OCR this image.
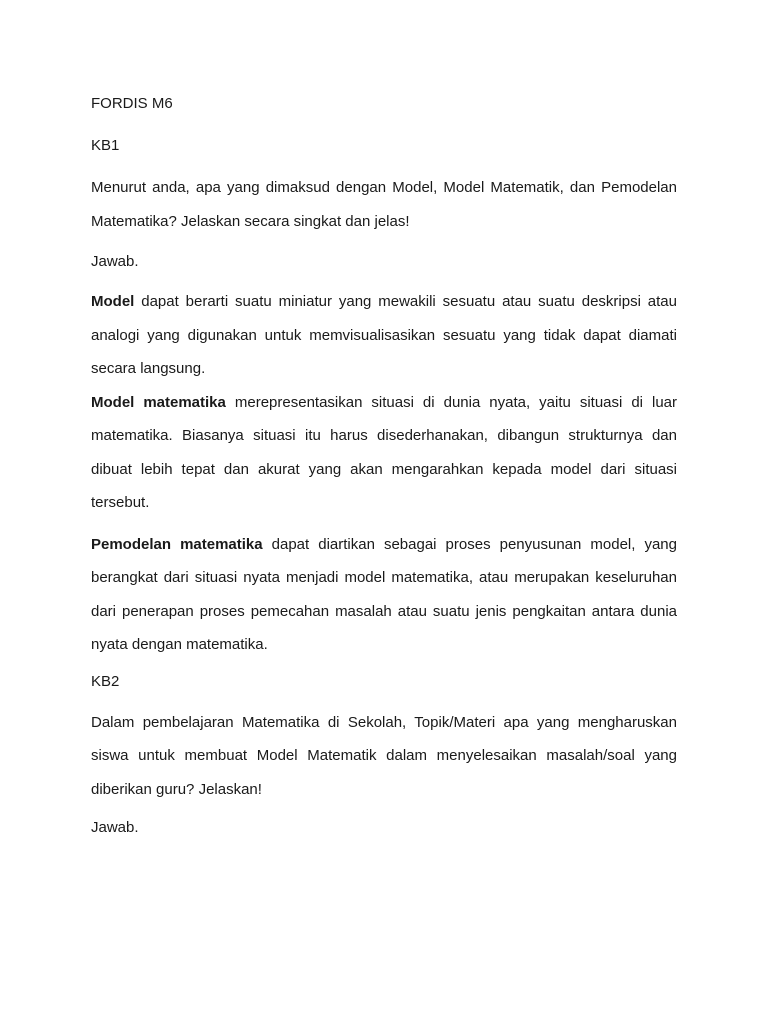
FORDIS M6

KB1

Menurut anda, apa yang dimaksud dengan Model, Model Matematik, dan Pemodelan Matematika? Jelaskan secara singkat dan jelas!

Jawab.

Model dapat berarti suatu miniatur yang mewakili sesuatu atau suatu deskripsi atau analogi yang digunakan untuk memvisualisasikan sesuatu yang tidak dapat diamati secara langsung.

Model matematika merepresentasikan situasi di dunia nyata, yaitu situasi di luar matematika. Biasanya situasi itu harus disederhanakan, dibangun strukturnya dan dibuat lebih tepat dan akurat yang akan mengarahkan kepada model dari situasi tersebut.

Pemodelan matematika dapat diartikan sebagai proses penyusunan model, yang berangkat dari situasi nyata menjadi model matematika, atau merupakan keseluruhan dari penerapan proses pemecahan masalah atau suatu jenis pengkaitan antara dunia nyata dengan matematika.

KB2

Dalam pembelajaran Matematika di Sekolah, Topik/Materi apa yang mengharuskan siswa untuk membuat Model Matematik dalam menyelesaikan masalah/soal yang diberikan guru? Jelaskan!

Jawab.
